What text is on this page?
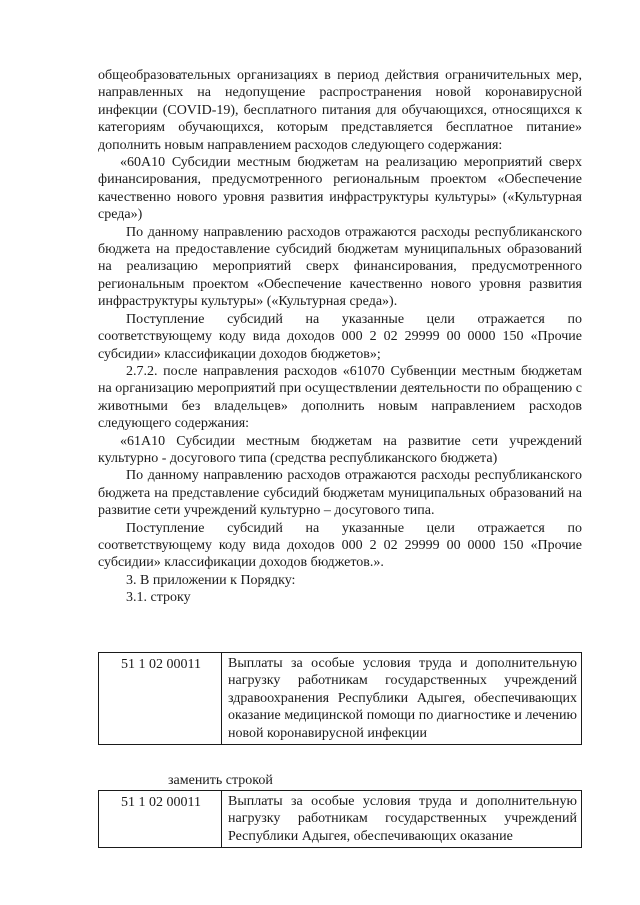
общеобразовательных организациях в период действия ограничительных мер, направленных на недопущение распространения новой коронавирусной инфекции (COVID-19), бесплатного питания для обучающихся, относящихся к категориям обучающихся, которым представляется бесплатное питание» дополнить новым направлением расходов следующего содержания:

«60А10 Субсидии местным бюджетам на реализацию мероприятий сверх финансирования, предусмотренного региональным проектом «Обеспечение качественно нового уровня развития инфраструктуры культуры» («Культурная среда»)

По данному направлению расходов отражаются расходы республиканского бюджета на предоставление субсидий бюджетам муниципальных образований на реализацию мероприятий сверх финансирования, предусмотренного региональным проектом «Обеспечение качественно нового уровня развития инфраструктуры культуры» («Культурная среда»).

Поступление субсидий на указанные цели отражается по соответствующему коду вида доходов 000 2 02 29999 00 0000 150 «Прочие субсидии» классификации доходов бюджетов»;

2.7.2. после направления расходов «61070 Субвенции местным бюджетам на организацию мероприятий при осуществлении деятельности по обращению с животными без владельцев» дополнить новым направлением расходов следующего содержания:

«61А10 Субсидии местным бюджетам на развитие сети учреждений культурно - досугового типа (средства республиканского бюджета)

По данному направлению расходов отражаются расходы республиканского бюджета на представление субсидий бюджетам муниципальных образований на развитие сети учреждений культурно – досугового типа.

Поступление субсидий на указанные цели отражается по соответствующему коду вида доходов 000 2 02 29999 00 0000 150 «Прочие субсидии» классификации доходов бюджетов.».

3. В приложении к Порядку:

3.1. строку

51 1 02 00011	Выплаты за особые условия труда и дополнительную нагрузку работникам государственных учреждений здравоохранения Республики Адыгея, обеспечивающих оказание медицинской помощи по диагностике и лечению новой коронавирусной инфекции

заменить строкой

51 1 02 00011	Выплаты за особые условия труда и дополнительную нагрузку работникам государственных учреждений Республики Адыгея, обеспечивающих оказание
